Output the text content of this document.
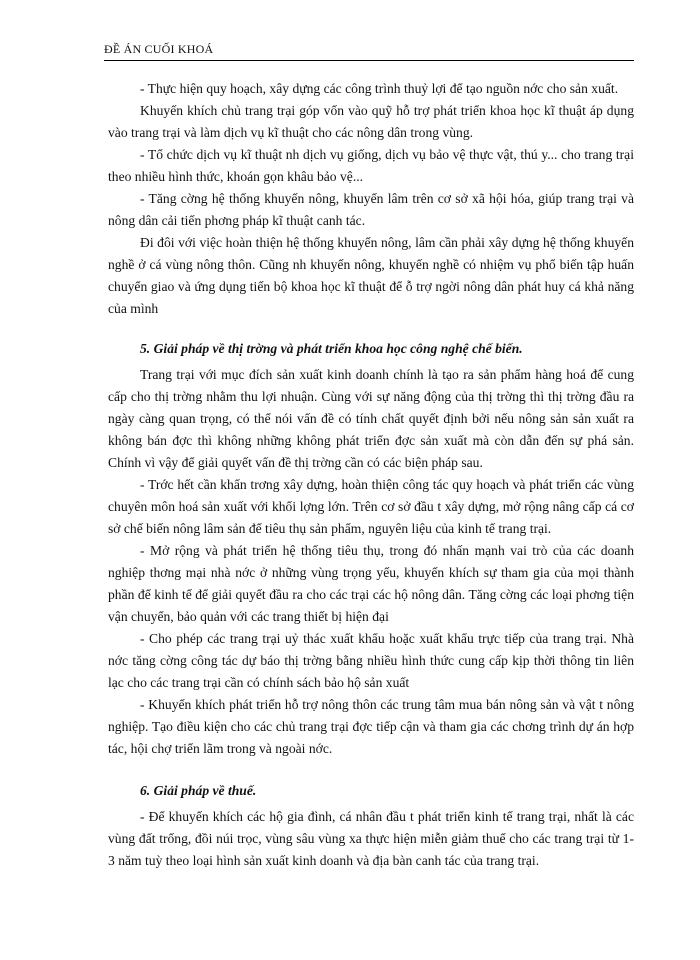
ĐỀ ÁN CUỐI KHOÁ

- Thực hiện quy hoạch, xây dựng các công trình thuỷ lợi để tạo nguồn nớc cho sản xuất.

Khuyến khích chủ trang trại góp vốn vào quỹ hỗ trợ phát triển khoa học kĩ thuật áp dụng vào trang trại và làm dịch vụ kĩ thuật cho các nông dân trong vùng.

- Tổ chức dịch vụ kĩ thuật nh dịch vụ giống, dịch vụ bảo vệ thực vật, thú y... cho trang trại theo nhiều hình thức, khoán gọn khâu bảo vệ...

- Tăng cờng hệ thống khuyến nông, khuyến lâm trên cơ sở xã hội hóa, giúp trang trại và nông dân cải tiến phơng pháp kĩ thuật canh tác.

Đi đôi với việc hoàn thiện hệ thống khuyến nông, lâm cần phải xây dựng hệ thống khuyến nghề ở cá vùng nông thôn. Cũng nh khuyến nông, khuyến nghề có nhiệm vụ phổ biến tập huấn chuyển giao và ứng dụng tiến bộ khoa học kĩ thuật để ỗ trợ ngời nông dân phát huy cá khả năng của mình

5. Giải pháp về thị trờng và phát triển khoa học công nghệ chế biến.

Trang trại với mục đích sản xuất kinh doanh chính là tạo ra sản phẩm hàng hoá để cung cấp cho thị trờng nhằm thu lợi nhuận. Cùng với sự năng động của thị trờng thì thị trờng đầu ra ngày càng quan trọng, có thể nói vấn đề có tính chất quyết định bởi nếu nông sản sản xuất ra không bán đợc thì không những không phát triển đợc sản xuất mà còn dẫn đến sự phá sản. Chính vì vậy để giải quyết vấn đề thị trờng cần có các biện pháp sau.

- Trớc hết cần khẩn trơng xây dựng, hoàn thiện công tác quy hoạch và phát triển các vùng chuyên môn hoá sản xuất với khối lợng lớn. Trên cơ sở đầu t xây dựng, mở rộng nâng cấp cá cơ sở chế biến nông lâm sản để tiêu thụ sản phẩm, nguyên liệu của kinh tế trang trại.

- Mở rộng và phát triển hệ thống tiêu thụ, trong đó nhấn mạnh vai trò của các doanh nghiệp thơng mại nhà nớc ở những vùng trọng yếu, khuyến khích sự tham gia của mọi thành phần để kinh tế để giải quyết đầu ra cho các trại các hộ nông dân. Tăng cờng các loại phơng tiện vận chuyển, bảo quản với các trang thiết bị hiện đại

- Cho phép các trang trại uỷ thác xuất khẩu hoặc xuất khẩu trực tiếp của trang trại. Nhà nớc tăng cờng công tác dự báo thị trờng bằng nhiều hình thức cung cấp kịp thời thông tin liên lạc cho các trang trại cần có chính sách bảo hộ sản xuất

- Khuyến khích phát triển hỗ trợ nông thôn các trung tâm mua bán nông sản và vật t nông nghiệp. Tạo điều kiện cho các chủ trang trại đợc tiếp cận và tham gia các chơng trình dự án hợp tác, hội chợ triển lãm trong và ngoài nớc.

6. Giải pháp về thuế.

- Để khuyến khích các hộ gia đình, cá nhân đầu t phát triển kinh tế trang trại, nhất là các vùng đất trống, đồi núi trọc, vùng sâu vùng xa thực hiện miễn giảm thuế cho các trang trại từ 1-3 năm tuỳ theo loại hình sản xuất kinh doanh và địa bàn canh tác của trang trại.
